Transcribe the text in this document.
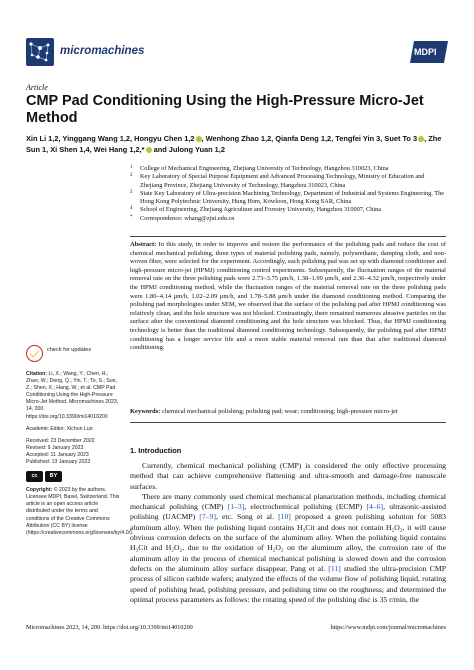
micromachines	MDPI
Article
CMP Pad Conditioning Using the High-Pressure Micro-Jet Method
Xin Li 1,2, Yinggang Wang 1,2, Hongyu Chen 1,2 , Wenhong Zhao 1,2, Qianfa Deng 1,2, Tengfei Yin 3, Suet To 3 , Zhe Sun 1, Xi Shen 1,4, Wei Hang 1,2,* and Julong Yuan 1,2
1 College of Mechanical Engineering, Zhejiang University of Technology, Hangzhou 310023, China
2 Key Laboratory of Special Purpose Equipment and Advanced Processing Technology, Ministry of Education and Zhejiang Province, Zhejiang University of Technology, Hangzhou 310023, China
3 State Key Laboratory of Ultra-precision Machining Technology, Department of Industrial and Systems Engineering, The Hong Kong Polytechnic University, Hung Hom, Kowloon, Hong Kong SAR, China
4 School of Engineering, Zhejiang Agriculture and Forestry University, Hangzhou 310007, China
* Correspondence: whang@zjut.edu.cn
Abstract: In this study, in order to improve and restore the performance of the polishing pads and reduce the cost of chemical mechanical polishing, three types of material polishing pads, namely, polyurethane, damping cloth, and non-woven fiber, were selected for the experiment. Accordingly, each polishing pad was set up with diamond conditioner and high-pressure micro-jet (HPMJ) conditioning control experiments. Subsequently, the fluctuation ranges of the material removal rate on the three polishing pads were 2.73–3.75 μm/h, 1.38–1.99 μm/h, and 2.36–4.32 μm/h, respectively under the HPMJ conditioning method, while the fluctuation ranges of the material removal rate on the three polishing pads were 1.80–4.14 μm/h, 1.02–2.09 μm/h, and 1.78–5.88 μm/h under the diamond conditioning method. Comparing the polishing pad morphologies under SEM, we observed that the surface of the polishing pad after HPMJ conditioning was relatively clean, and the hole structure was not blocked. Contrastingly, there remained numerous abrasive particles on the surface after the conventional diamond conditioning and the hole structure was blocked. Thus, the HPMJ conditioning technology is better than the traditional diamond conditioning technology. Subsequently, the polishing pad after HPMJ conditioning has a longer service life and a more stable material removal rate than that after traditional diamond conditioning.
Keywords: chemical mechanical polishing; polishing pad; wear; conditioning; high-pressure micro-jet
check for updates
Citation: Li, X.; Wang, Y.; Chen, H.; Zhao, W.; Deng, Q.; Yin, T.; To, S.; Sun, Z.; Shen, X.; Hang, W.; et al. CMP Pad Conditioning Using the High-Pressure Micro-Jet Method. Micromachines 2023, 14, 200. https://doi.org/10.3390/mi14010200
Academic Editor: Xichun Luo
Received: 23 December 2022
Revised: 9 January 2023
Accepted: 11 January 2023
Published: 13 January 2023
cc	BY
Copyright: © 2023 by the authors. Licensee MDPI, Basel, Switzerland. This article is an open access article distributed under the terms and conditions of the Creative Commons Attribution (CC BY) license (https://creativecommons.org/licenses/by/4.0/).
1. Introduction

Currently, chemical mechanical polishing (CMP) is considered the only effective processing method that can achieve comprehensive flattening and ultra-smooth and damage-free nanoscale surfaces.

There are many commonly used chemical mechanical planarization methods, including chemical mechanical polishing (CMP) [1–3], electrochemical polishing (ECMP) [4–6], ultrasonic-assisted polishing (UACMP) [7–9], etc. Song et al. [10] proposed a green polishing solution for 5083 aluminum alloy. When the polishing liquid contains H₃Cit and does not contain H₂O₂, it will cause obvious corrosion defects on the surface of the aluminum alloy. When the polishing liquid contains H₃Cit and H₂O₂, due to the oxidation of H₂O₂ on the aluminum alloy, the corrosion rate of the aluminum alloy in the process of chemical mechanical polishing is slowed down and the corrosion defects on the aluminum alloy surface disappear. Pang et al. [11] studied the ultra-precision CMP process of silicon carbide wafers; analyzed the effects of the volume flow of polishing liquid, rotating speed of polishing head, polishing pressure, and polishing time on the roughness; and determined the optimal process parameters as follows: the rotating speed of the polishing disc is 35 r/min, the

Micromachines 2023, 14, 200. https://doi.org/10.3390/mi14010200	https://www.mdpi.com/journal/micromachines
